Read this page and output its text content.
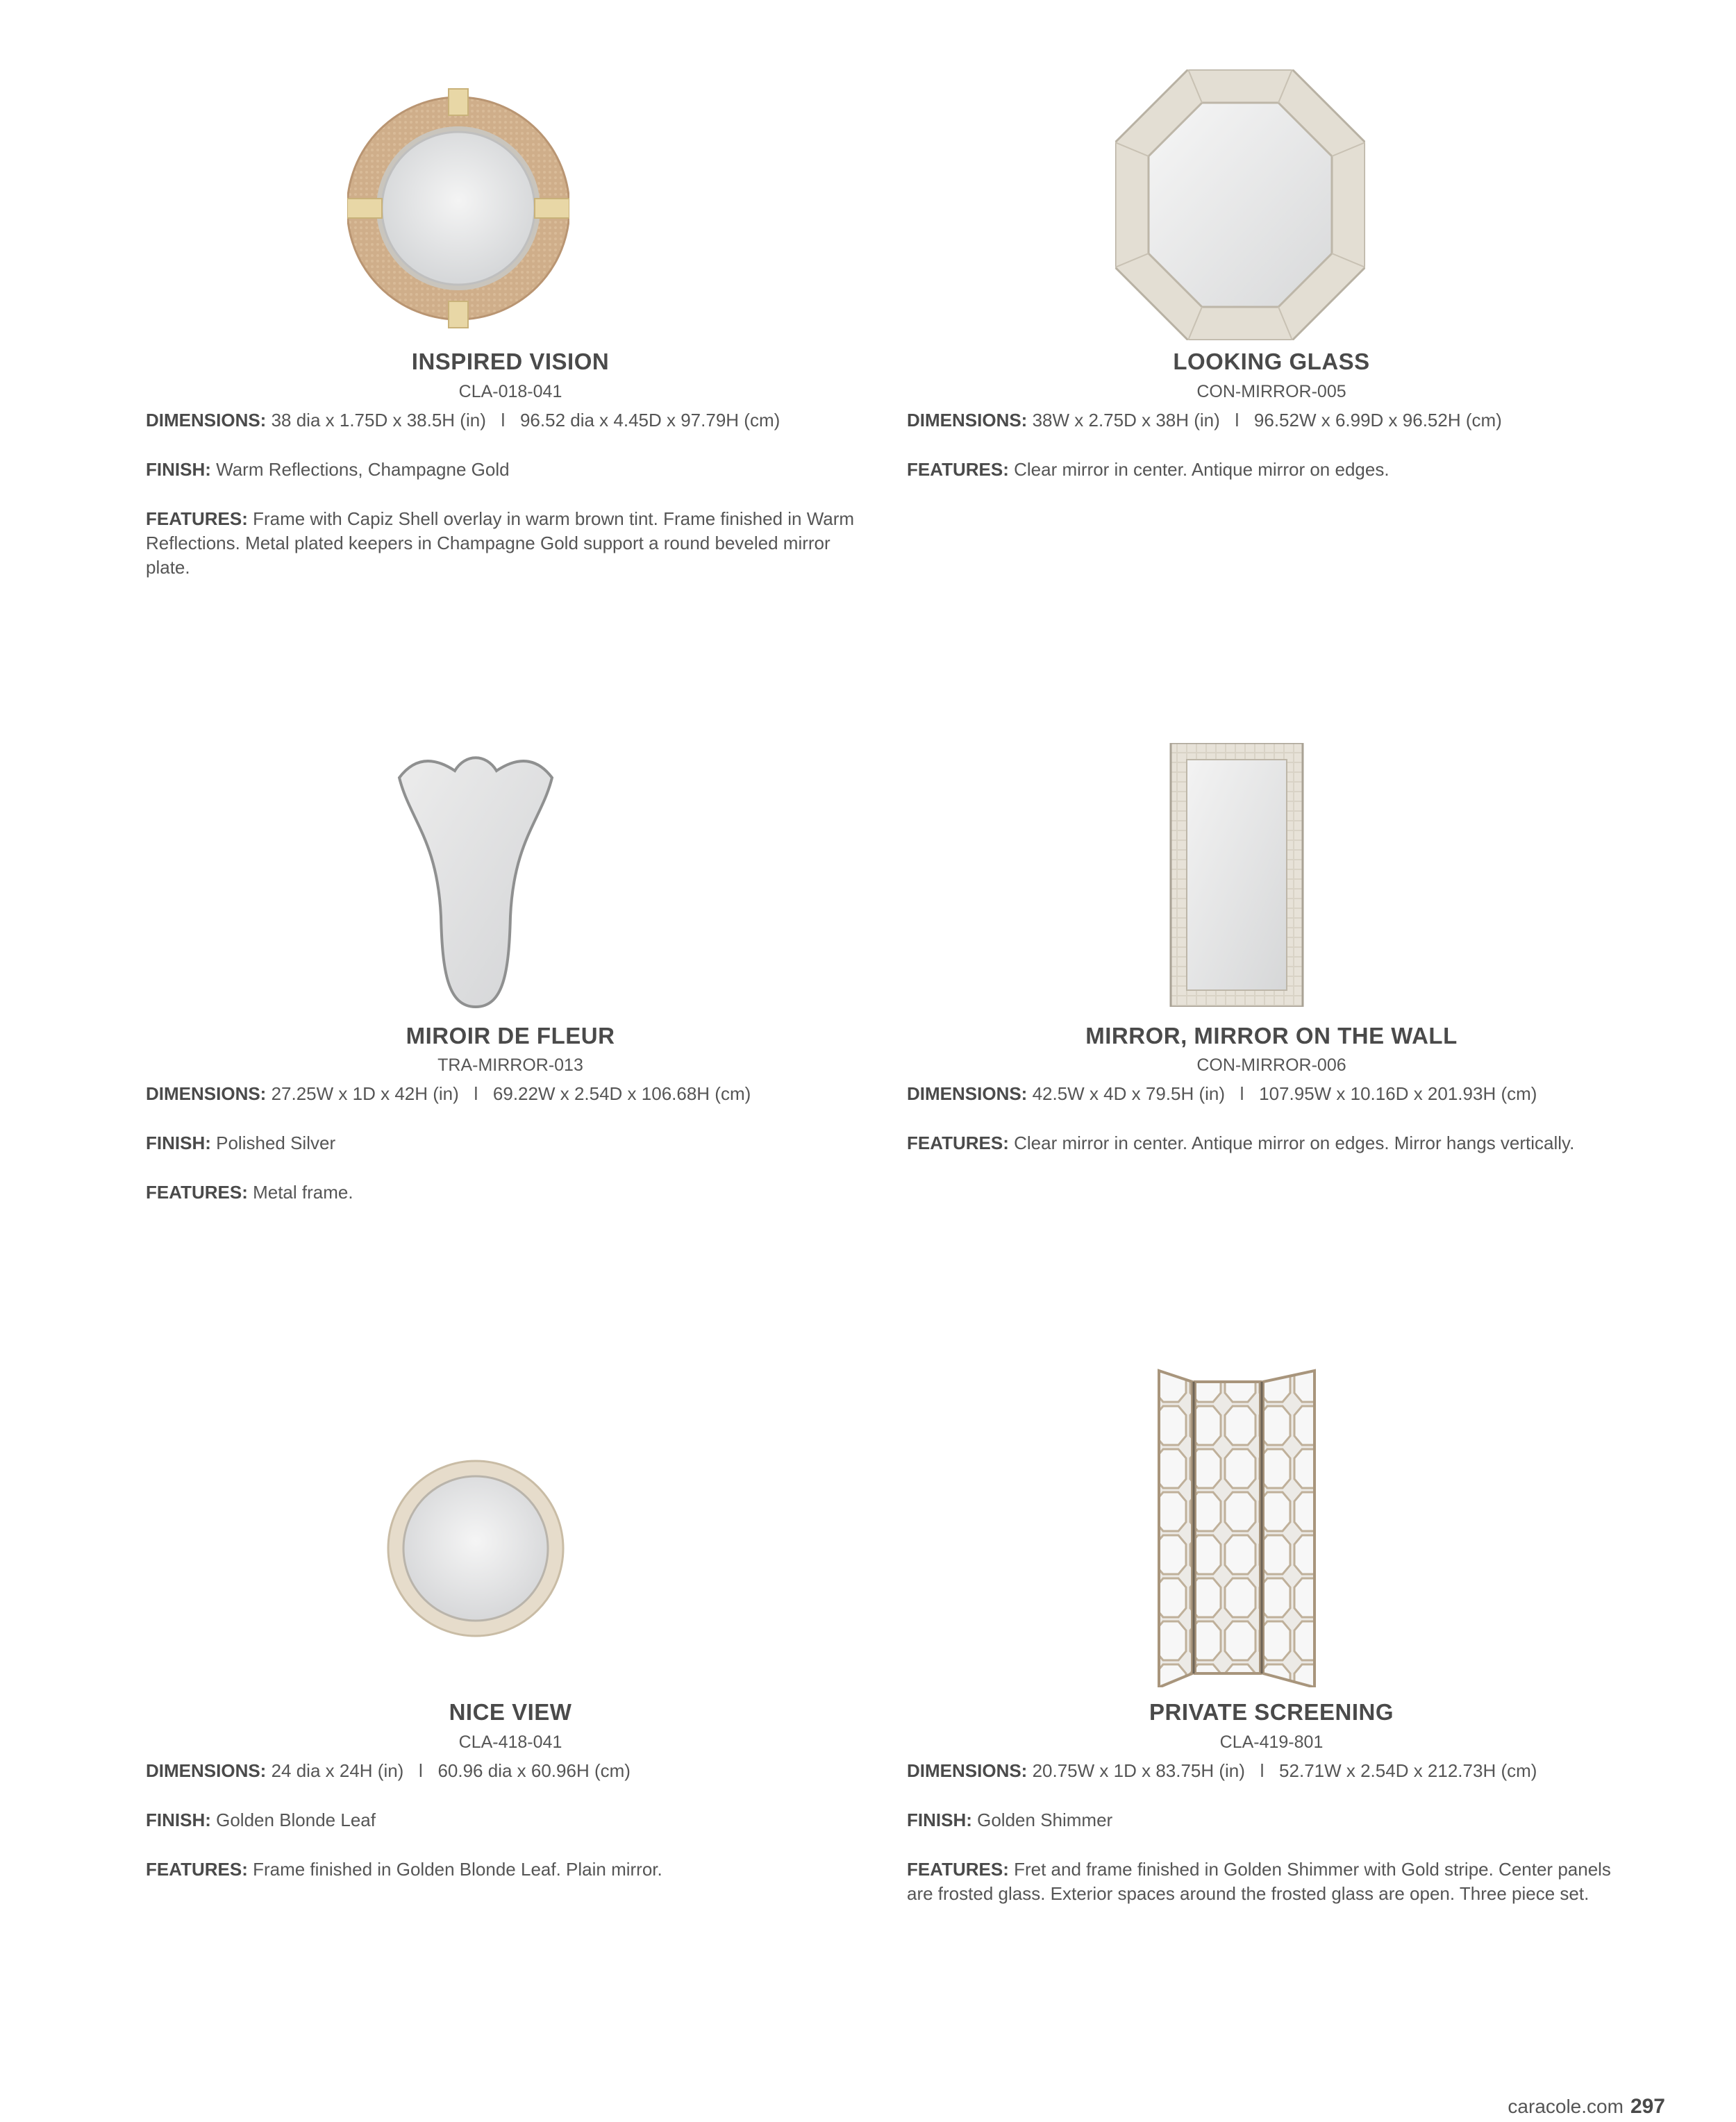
INSPIRED VISION
CLA-018-041

DIMENSIONS: 38 dia x 1.75D x 38.5H (in)   l   96.52 dia x 4.45D x 97.79H (cm)

FINISH: Warm Reflections, Champagne Gold

FEATURES: Frame with Capiz Shell overlay in warm brown tint. Frame finished in Warm Reflections. Metal plated keepers in Champagne Gold support a round beveled mirror plate.

LOOKING GLASS
CON-MIRROR-005

DIMENSIONS: 38W x 2.75D x 38H (in)   l   96.52W x 6.99D x 96.52H (cm)

FEATURES: Clear mirror in center. Antique mirror on edges.

MIROIR DE FLEUR
TRA-MIRROR-013

DIMENSIONS: 27.25W x 1D x 42H (in)   l   69.22W x 2.54D x 106.68H (cm)

FINISH: Polished Silver

FEATURES: Metal frame.

MIRROR, MIRROR ON THE WALL
CON-MIRROR-006

DIMENSIONS: 42.5W x 4D x 79.5H (in)   l   107.95W x 10.16D x 201.93H (cm)

FEATURES: Clear mirror in center. Antique mirror on edges. Mirror hangs vertically.

NICE VIEW
CLA-418-041

DIMENSIONS: 24 dia x 24H (in)   l   60.96 dia x 60.96H (cm)

FINISH: Golden Blonde Leaf

FEATURES: Frame finished in Golden Blonde Leaf. Plain mirror.

PRIVATE SCREENING
CLA-419-801

DIMENSIONS: 20.75W x 1D x 83.75H (in)   l   52.71W x 2.54D x 212.73H (cm)

FINISH: Golden Shimmer

FEATURES: Fret and frame finished in Golden Shimmer with Gold stripe. Center panels are frosted glass. Exterior spaces around the frosted glass are open. Three piece set.

caracole.com 297
